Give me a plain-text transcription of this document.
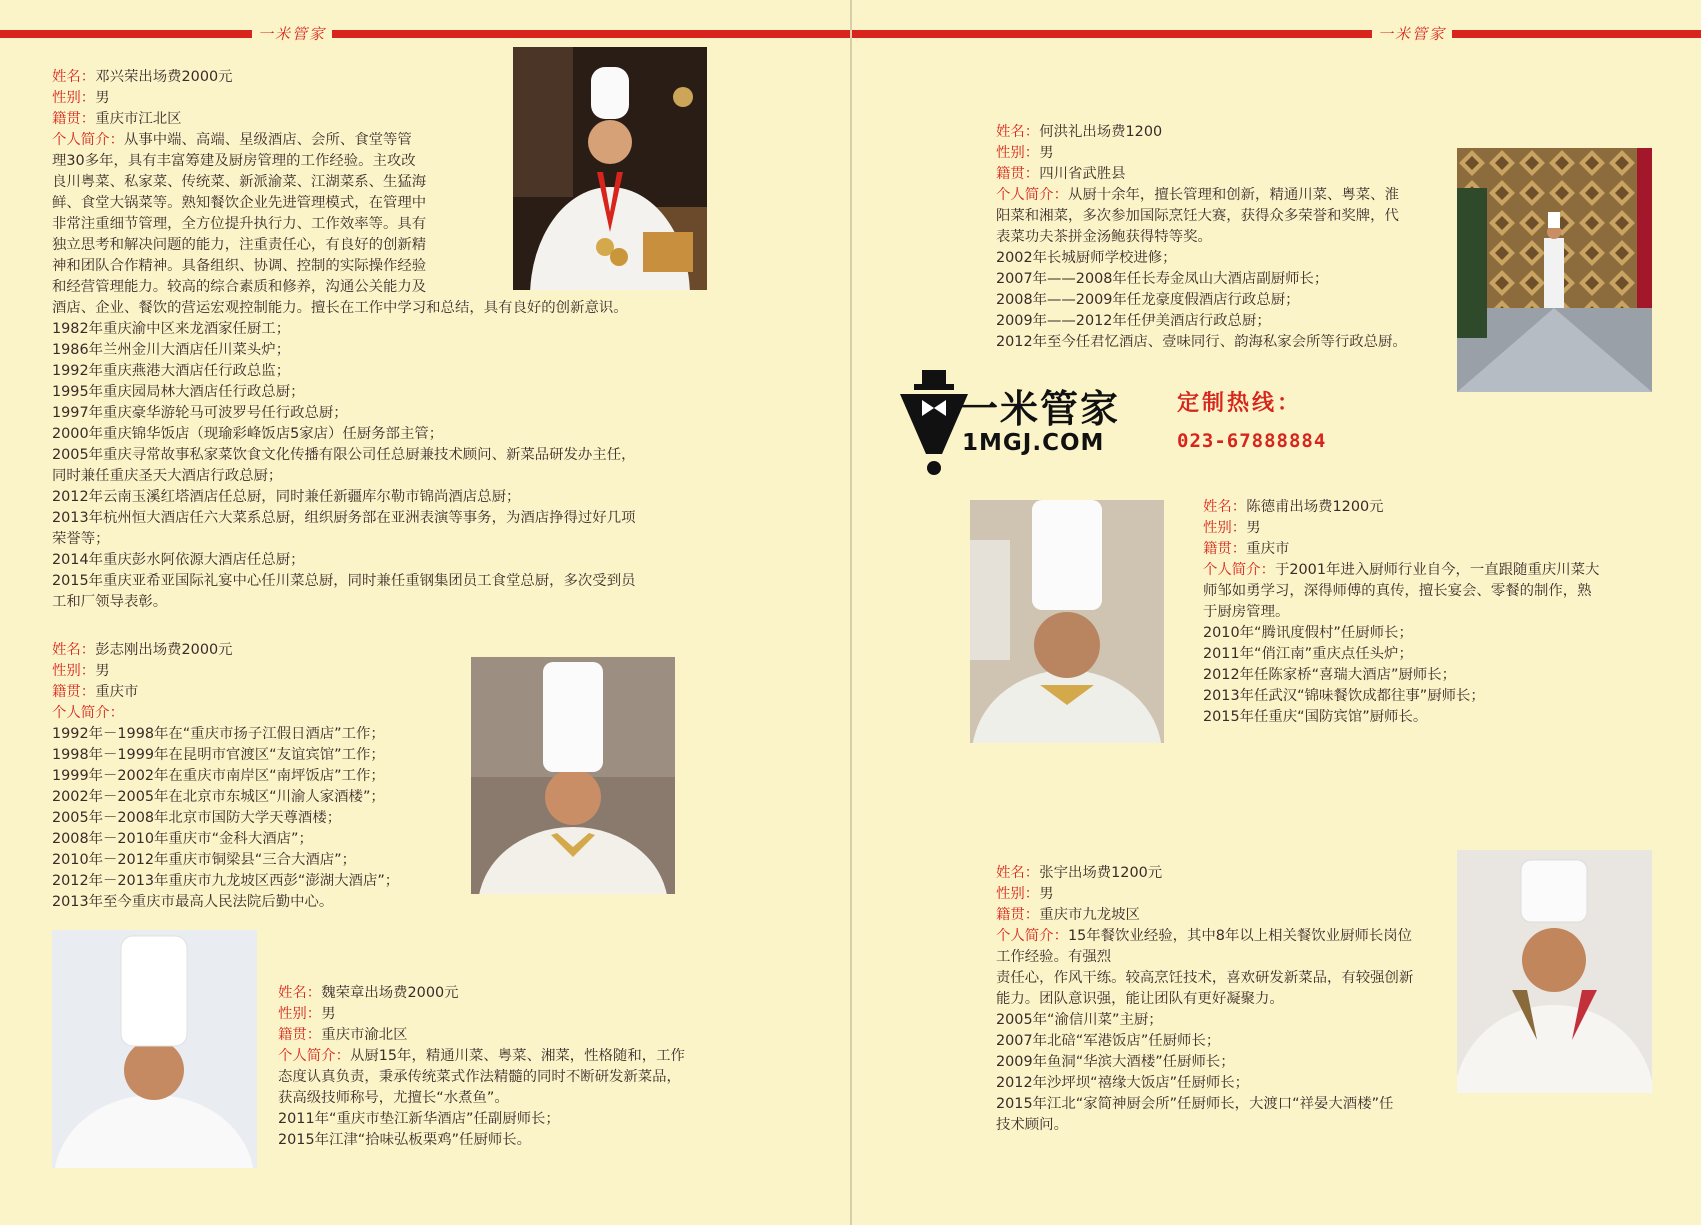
一米管家	一米管家
姓名：邓兴荣出场费2000元
性别：男
籍贯：重庆市江北区
个人简介：从事中端、高端、星级酒店、会所、食堂等管
理30多年，具有丰富筹建及厨房管理的工作经验。主攻改
良川粤菜、私家菜、传统菜、新派渝菜、江湖菜系、生猛海
鲜、食堂大锅菜等。熟知餐饮企业先进管理模式，在管理中
非常注重细节管理，全方位提升执行力、工作效率等。具有
独立思考和解决问题的能力，注重责任心，有良好的创新精
神和团队合作精神。具备组织、协调、控制的实际操作经验
和经营管理能力。较高的综合素质和修养，沟通公关能力及
酒店、企业、餐饮的营运宏观控制能力。擅长在工作中学习和总结，具有良好的创新意识。
1982年重庆渝中区来龙酒家任厨工；
1986年兰州金川大酒店任川菜头炉；
1992年重庆燕港大酒店任行政总监；
1995年重庆园局林大酒店任行政总厨；
1997年重庆豪华游轮马可波罗号任行政总厨；
2000年重庆锦华饭店（现瑜彩峰饭店5家店）任厨务部主管；
2005年重庆寻常故事私家菜饮食文化传播有限公司任总厨兼技术顾问、新菜品研发办主任，
同时兼任重庆圣天大酒店行政总厨；
2012年云南玉溪红塔酒店任总厨，同时兼任新疆库尔勒市锦尚酒店总厨；
2013年杭州恒大酒店任六大菜系总厨，组织厨务部在亚洲表演等事务，为酒店挣得过好几项
荣誉等；
2014年重庆彭水阿依源大酒店任总厨；
2015年重庆亚希亚国际礼宴中心任川菜总厨，同时兼任重钢集团员工食堂总厨，多次受到员
工和厂领导表彰。
姓名：彭志刚出场费2000元
性别：男
籍贯：重庆市
个人简介：
1992年－1998年在“重庆市扬子江假日酒店”工作；
1998年－1999年在昆明市官渡区“友谊宾馆”工作；
1999年－2002年在重庆市南岸区“南坪饭店”工作；
2002年－2005年在北京市东城区“川渝人家酒楼”；
2005年－2008年北京市国防大学天尊酒楼；
2008年－2010年重庆市“金科大酒店”；
2010年－2012年重庆市铜梁县“三合大酒店”；
2012年－2013年重庆市九龙坡区西彭“澎湖大酒店”；
2013年至今重庆市最高人民法院后勤中心。
姓名：魏荣章出场费2000元
性别：男
籍贯：重庆市渝北区
个人简介：从厨15年，精通川菜、粤菜、湘菜，性格随和，工作
态度认真负责，秉承传统菜式作法精髓的同时不断研发新菜品，
获高级技师称号，尤擅长“水煮鱼”。
2011年“重庆市垫江新华酒店”任副厨师长；
2015年江津“拾味弘板栗鸡”任厨师长。
姓名：何洪礼出场费1200
性别：男
籍贯：四川省武胜县
个人简介：从厨十余年，擅长管理和创新，精通川菜、粤菜、淮
阳菜和湘菜，多次参加国际烹饪大赛，获得众多荣誉和奖牌，代
表菜功夫茶拼金汤鲍获得特等奖。
2002年长城厨师学校进修；
2007年——2008年任长寿金凤山大酒店副厨师长；
2008年——2009年任龙豪度假酒店行政总厨；
2009年——2012年任伊美酒店行政总厨；
2012年至今任君忆酒店、壹味同行、韵海私家会所等行政总厨。
一米管家
1MGJ.COM
定制热线：
023-67888884
姓名：陈德甫出场费1200元
性别：男
籍贯：重庆市
个人简介：于2001年进入厨师行业自今，一直跟随重庆川菜大
师邹如勇学习，深得师傅的真传，擅长宴会、零餐的制作，熟
于厨房管理。
2010年“腾讯度假村”任厨师长；
2011年“俏江南”重庆点任头炉；
2012年任陈家桥“喜瑞大酒店”厨师长；
2013年任武汉“锦味餐饮成都往事”厨师长；
2015年任重庆“国防宾馆”厨师长。
姓名：张宇出场费1200元
性别：男
籍贯：重庆市九龙坡区
个人简介：15年餐饮业经验，其中8年以上相关餐饮业厨师长岗位
工作经验。有强烈
责任心，作风干练。较高烹饪技术，喜欢研发新菜品，有较强创新
能力。团队意识强，能让团队有更好凝聚力。
2005年“渝信川菜”主厨；
2007年北碚“军港饭店”任厨师长；
2009年鱼洞“华滨大酒楼”任厨师长；
2012年沙坪坝“禧缘大饭店”任厨师长；
2015年江北“家简神厨会所”任厨师长，大渡口“祥晏大酒楼”任
技术顾问。
